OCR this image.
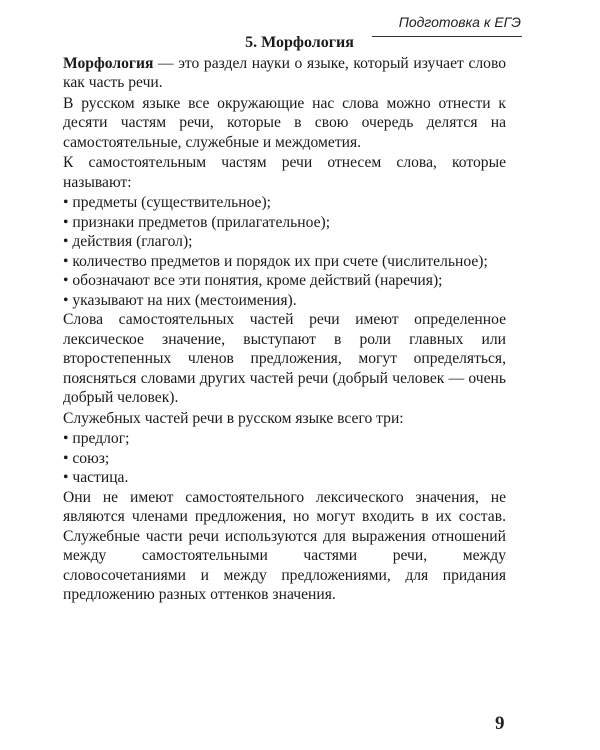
Подготовка к ЕГЭ
5. Морфология

Морфология — это раздел науки о языке, который изучает слово как часть речи.

В русском языке все окружающие нас слова можно отнести к десяти частям речи, которые в свою очередь делятся на самостоятельные, служебные и междометия.

К самостоятельным частям речи отнесем слова, которые называют:

• предметы (существительное);
• признаки предметов (прилагательное);
• действия (глагол);
• количество предметов и порядок их при счете (числительное);
• обозначают все эти понятия, кроме действий (наречия);
• указывают на них (местоимения).

Слова самостоятельных частей речи имеют определенное лексическое значение, выступают в роли главных или второстепенных членов предложения, могут определяться, поясняться словами других частей речи (добрый человек — очень добрый человек).

Служебных частей речи в русском языке всего три:

• предлог;
• союз;
• частица.

Они не имеют самостоятельного лексического значения, не являются членами предложения, но могут входить в их состав. Служебные части речи используются для выражения отношений между самостоятельными частями речи, между словосочетаниями и между предложениями, для придания предложению разных оттенков значения.

9
